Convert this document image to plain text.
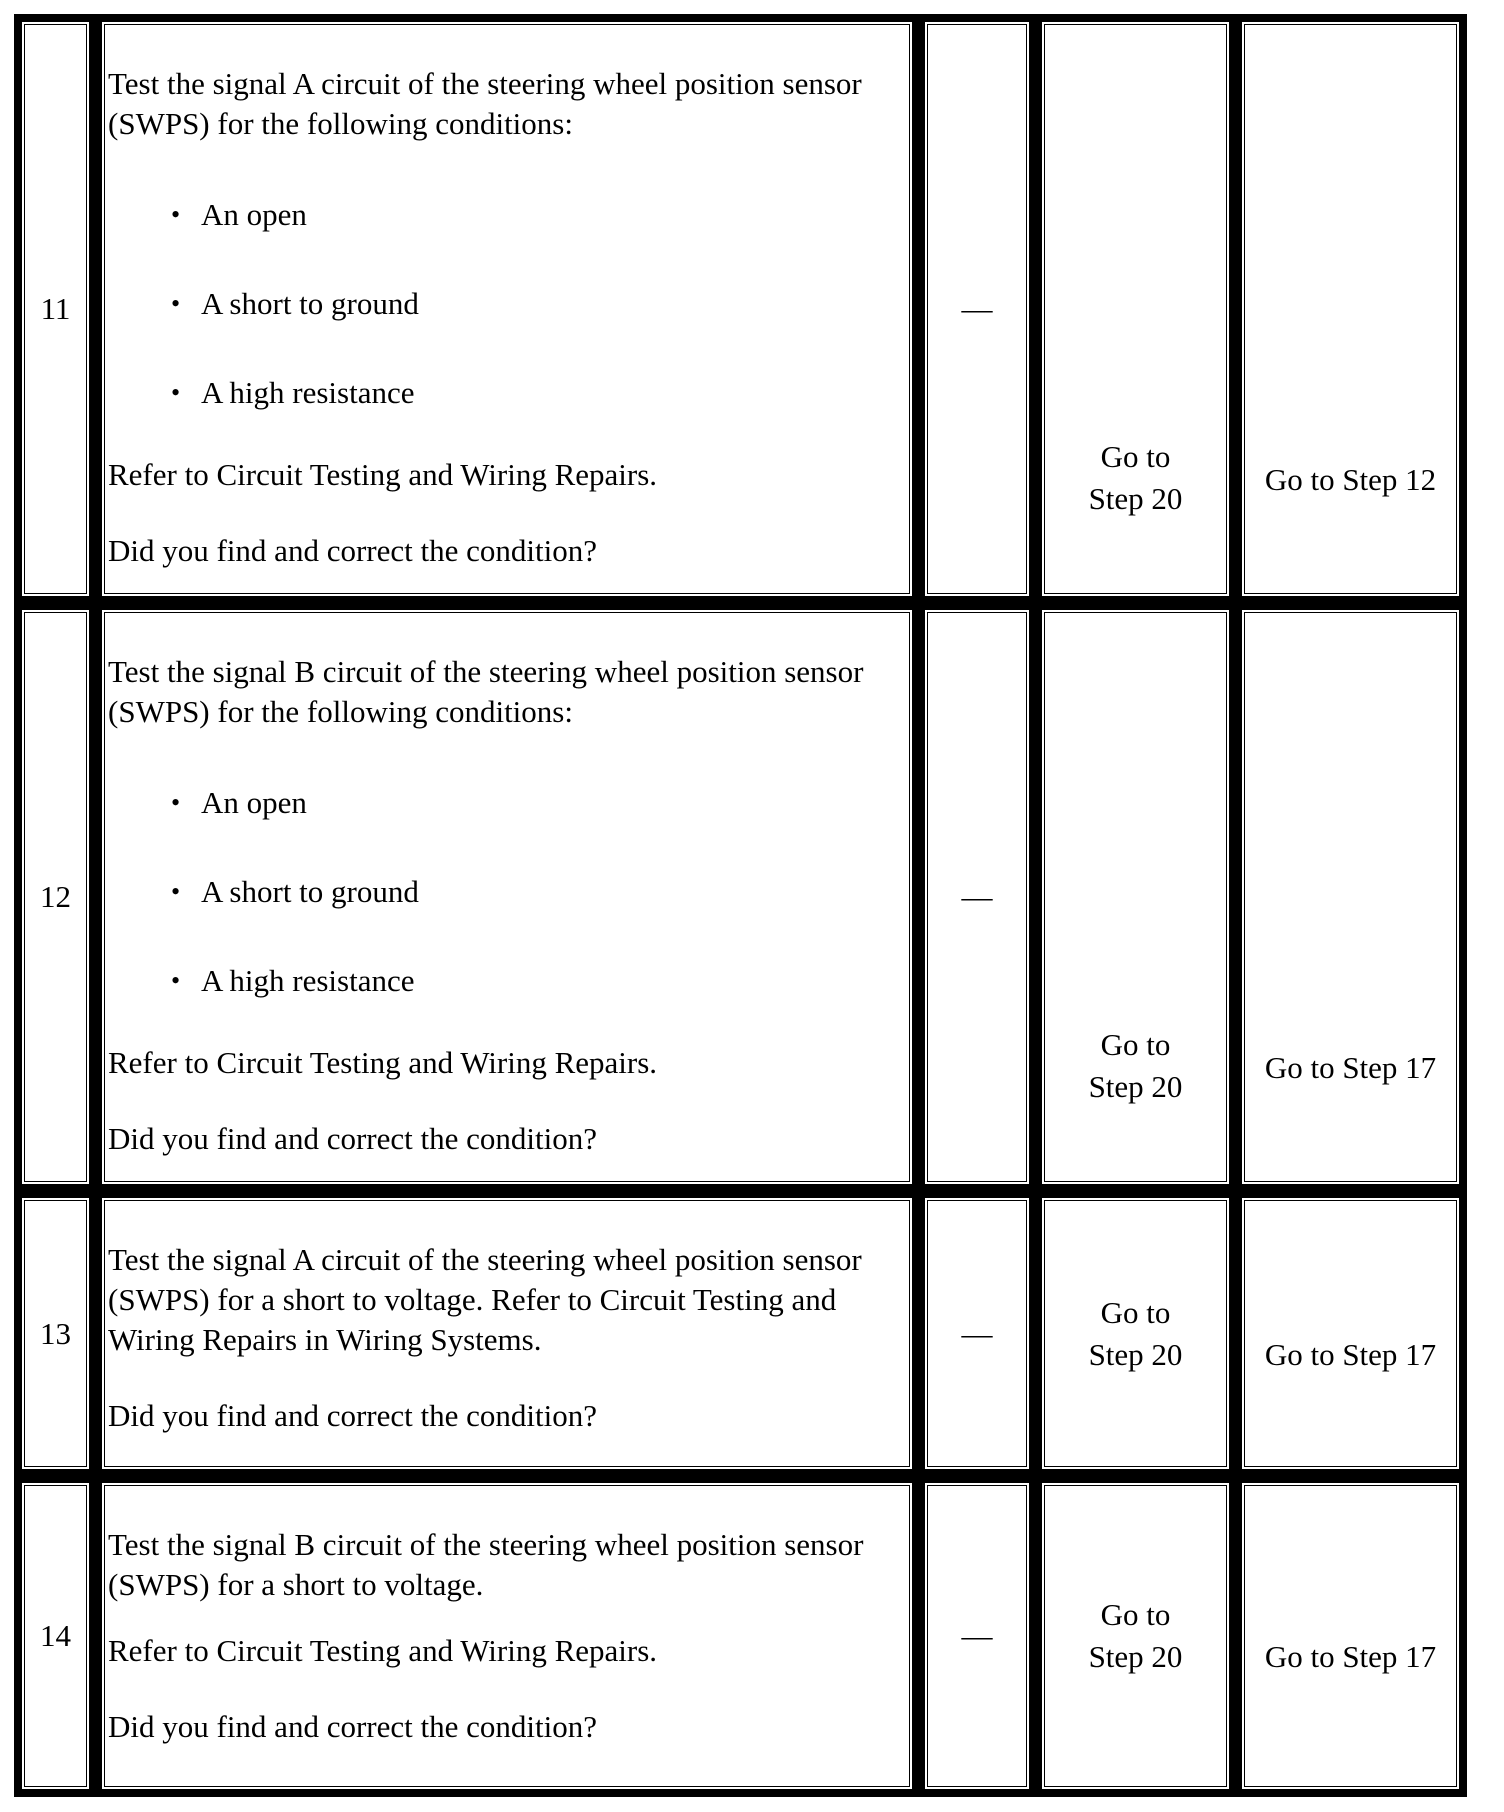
11

Test the signal A circuit of the steering wheel position sensor (SWPS) for the following conditions:

• An open
• A short to ground
• A high resistance

Refer to Circuit Testing and Wiring Repairs.

Did you find and correct the condition?

—
Go to
Step 20
Go to Step 12
12

Test the signal B circuit of the steering wheel position sensor (SWPS) for the following conditions:

• An open
• A short to ground
• A high resistance

Refer to Circuit Testing and Wiring Repairs.

Did you find and correct the condition?

—
Go to
Step 20
Go to Step 17
13

Test the signal A circuit of the steering wheel position sensor (SWPS) for a short to voltage. Refer to Circuit Testing and Wiring Repairs in Wiring Systems.

Did you find and correct the condition?

—
Go to
Step 20	Go to Step 17
14

Test the signal B circuit of the steering wheel position sensor (SWPS) for a short to voltage.

Refer to Circuit Testing and Wiring Repairs.

Did you find and correct the condition?

—
Go to
Step 20	Go to Step 17
